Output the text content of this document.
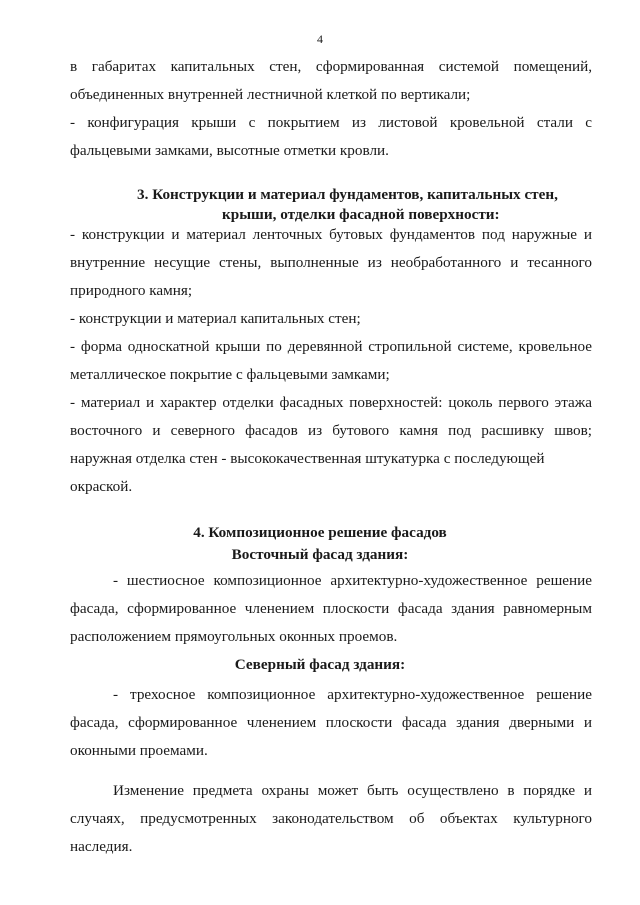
4
в габаритах капитальных стен, сформированная системой помещений,
объединенных внутренней лестничной клеткой по вертикали;
- конфигурация крыши с покрытием из листовой кровельной стали с
фальцевыми замками, высотные отметки кровли.
3. Конструкции и материал фундаментов, капитальных стен,
крыши, отделки фасадной поверхности:
- конструкции и материал ленточных бутовых фундаментов под наружные и
внутренние несущие стены, выполненные из необработанного и тесанного
природного камня;
- конструкции и материал капитальных стен;
- форма односкатной крыши по деревянной стропильной системе, кровельное
металлическое покрытие с фальцевыми замками;
- материал и характер отделки фасадных поверхностей: цоколь первого этажа
восточного и северного фасадов из бутового камня под расшивку швов;
наружная отделка стен - высококачественная штукатурка с последующей
окраской.
4. Композиционное решение фасадов
Восточный фасад здания:
- шестиосное композиционное архитектурно-художественное решение
фасада, сформированное членением плоскости фасада здания равномерным
расположением прямоугольных оконных проемов.
Северный фасад здания:
- трехосное композиционное архитектурно-художественное решение
фасада, сформированное членением плоскости фасада здания дверными и
оконными проемами.
Изменение предмета охраны может быть осуществлено в порядке и
случаях, предусмотренных законодательством об объектах культурного
наследия.
